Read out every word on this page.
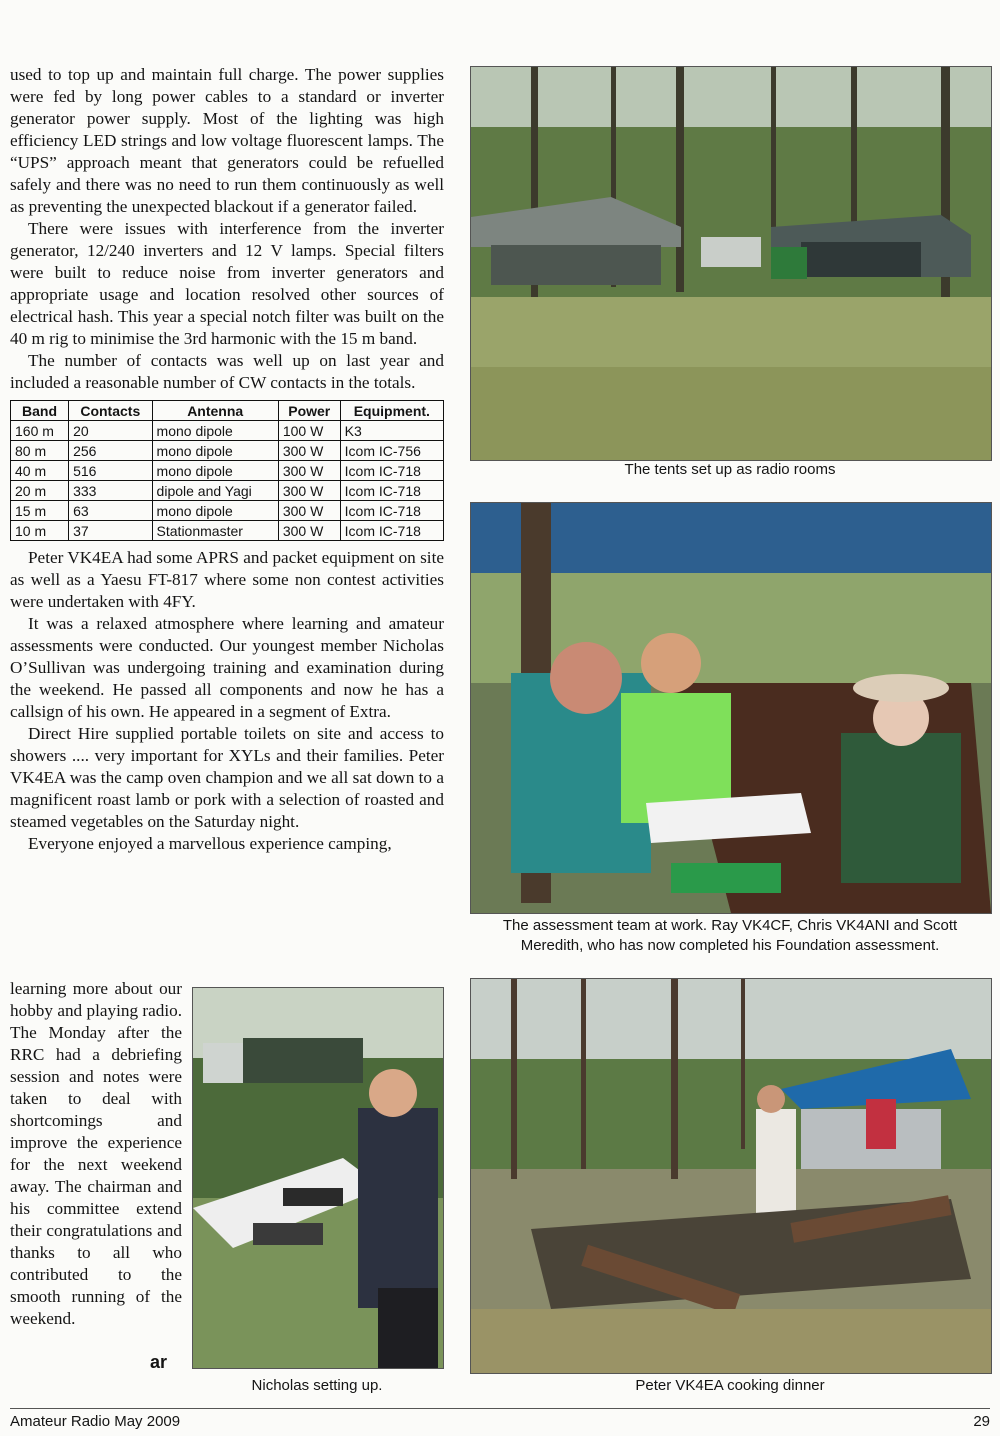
used to top up and maintain full charge. The power supplies were fed by long power cables to a standard or inverter generator power supply. Most of the lighting was high efficiency LED strings and low voltage fluorescent lamps. The “UPS” approach meant that generators could be refuelled safely and there was no need to run them continuously as well as preventing the unexpected blackout if a generator failed.

There were issues with interference from the inverter generator, 12/240 inverters and 12 V lamps. Special filters were built to reduce noise from inverter generators and appropriate usage and location resolved other sources of electrical hash. This year a special notch filter was built on the 40 m rig to minimise the 3rd harmonic with the 15 m band.

The number of contacts was well up on last year and included a reasonable number of CW contacts in the totals.

Band	Contacts	Antenna	Power	Equipment.
160 m	20	mono dipole	100 W	K3
80 m	256	mono dipole	300 W	Icom IC-756
40 m	516	mono dipole	300 W	Icom IC-718
20 m	333	dipole and Yagi	300 W	Icom IC-718
15 m	63	mono dipole	300 W	Icom IC-718
10 m	37	Stationmaster	300 W	Icom IC-718

Peter VK4EA had some APRS and packet equipment on site as well as a Yaesu FT-817 where some non contest activities were undertaken with 4FY.

It was a relaxed atmosphere where learning and amateur assessments were conducted. Our youngest member Nicholas O’Sullivan was undergoing training and examination during the weekend. He passed all components and now he has a callsign of his own. He appeared in a segment of Extra.

Direct Hire supplied portable toilets on site and access to showers .... very important for XYLs and their families. Peter VK4EA was the camp oven champion and we all sat down to a magnificent roast lamb or pork with a selection of roasted and steamed vegetables on the Saturday night.

Everyone enjoyed a marvellous experience camping,

learning more about our hobby and playing radio. The Monday after the RRC had a debriefing session and notes were taken to deal with shortcomings and improve the experience for the next weekend away. The chairman and his committee extend their congratulations and thanks to all who contributed to the smooth running of the weekend.

ar
The tents set up as radio rooms
The assessment team at work. Ray VK4CF, Chris VK4ANI and Scott
Meredith, who has now completed his Foundation assessment.
Nicholas setting up.	Peter VK4EA cooking dinner
Amateur Radio May 2009	29
